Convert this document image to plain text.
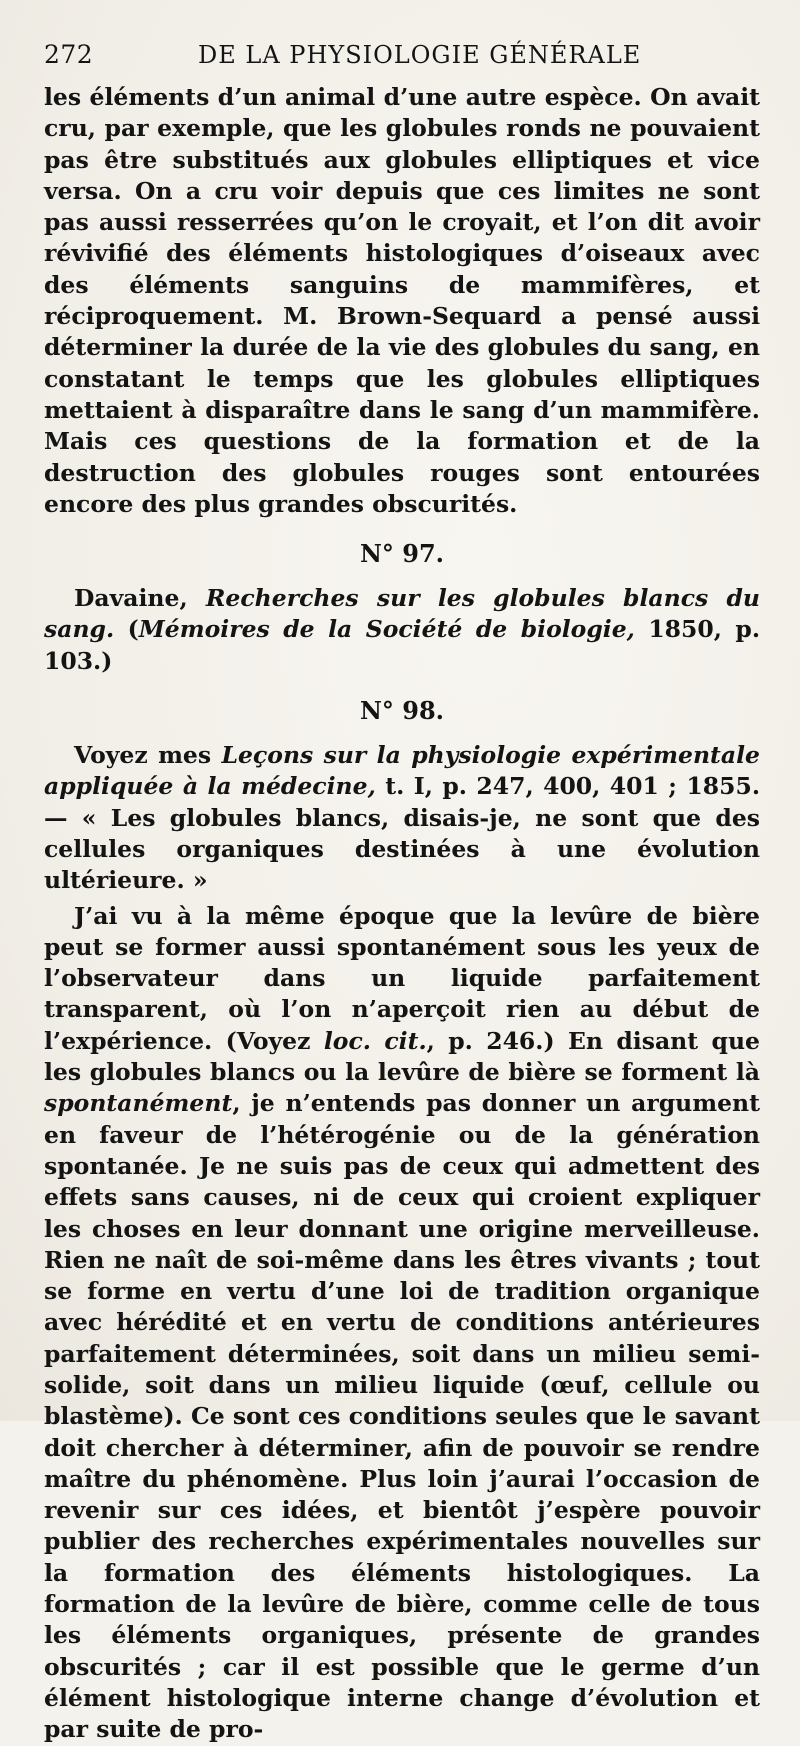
272	DE LA PHYSIOLOGIE GÉNÉRALE

les éléments d’un animal d’une autre espèce. On avait cru, par exemple, que les globules ronds ne pouvaient pas être substitués aux globules elliptiques et vice versa. On a cru voir depuis que ces limites ne sont pas aussi resserrées qu’on le croyait, et l’on dit avoir révivifié des éléments histologiques d’oiseaux avec des éléments sanguins de mammifères, et réciproquement. M. Brown-Sequard a pensé aussi déterminer la durée de la vie des globules du sang, en constatant le temps que les globules elliptiques mettaient à disparaître dans le sang d’un mammifère. Mais ces questions de la formation et de la destruction des globules rouges sont entourées encore des plus grandes obscurités.

N° 97.

Davaine, Recherches sur les globules blancs du sang. (Mémoires de la Société de biologie, 1850, p. 103.)

N° 98.

Voyez mes Leçons sur la physiologie expérimentale appliquée à la médecine, t. I, p. 247, 400, 401 ; 1855. — « Les globules blancs, disais-je, ne sont que des cellules organiques destinées à une évolution ultérieure. »

J’ai vu à la même époque que la levûre de bière peut se former aussi spontanément sous les yeux de l’observateur dans un liquide parfaitement transparent, où l’on n’aperçoit rien au début de l’expérience. (Voyez loc. cit., p. 246.) En disant que les globules blancs ou la levûre de bière se forment là spontanément, je n’entends pas donner un argument en faveur de l’hétérogénie ou de la génération spontanée. Je ne suis pas de ceux qui admettent des effets sans causes, ni de ceux qui croient expliquer les choses en leur donnant une origine merveilleuse. Rien ne naît de soi-même dans les êtres vivants ; tout se forme en vertu d’une loi de tradition organique avec hérédité et en vertu de conditions antérieures parfaitement déterminées, soit dans un milieu semi-solide, soit dans un milieu liquide (œuf, cellule ou blastème). Ce sont ces conditions seules que le savant doit chercher à déterminer, afin de pouvoir se rendre maître du phénomène. Plus loin j’aurai l’occasion de revenir sur ces idées, et bientôt j’espère pouvoir publier des recherches expérimentales nouvelles sur la formation des éléments histologiques. La formation de la levûre de bière, comme celle de tous les éléments organiques, présente de grandes obscurités ; car il est possible que le germe d’un élément histologique interne change d’évolution et par suite de pro-
